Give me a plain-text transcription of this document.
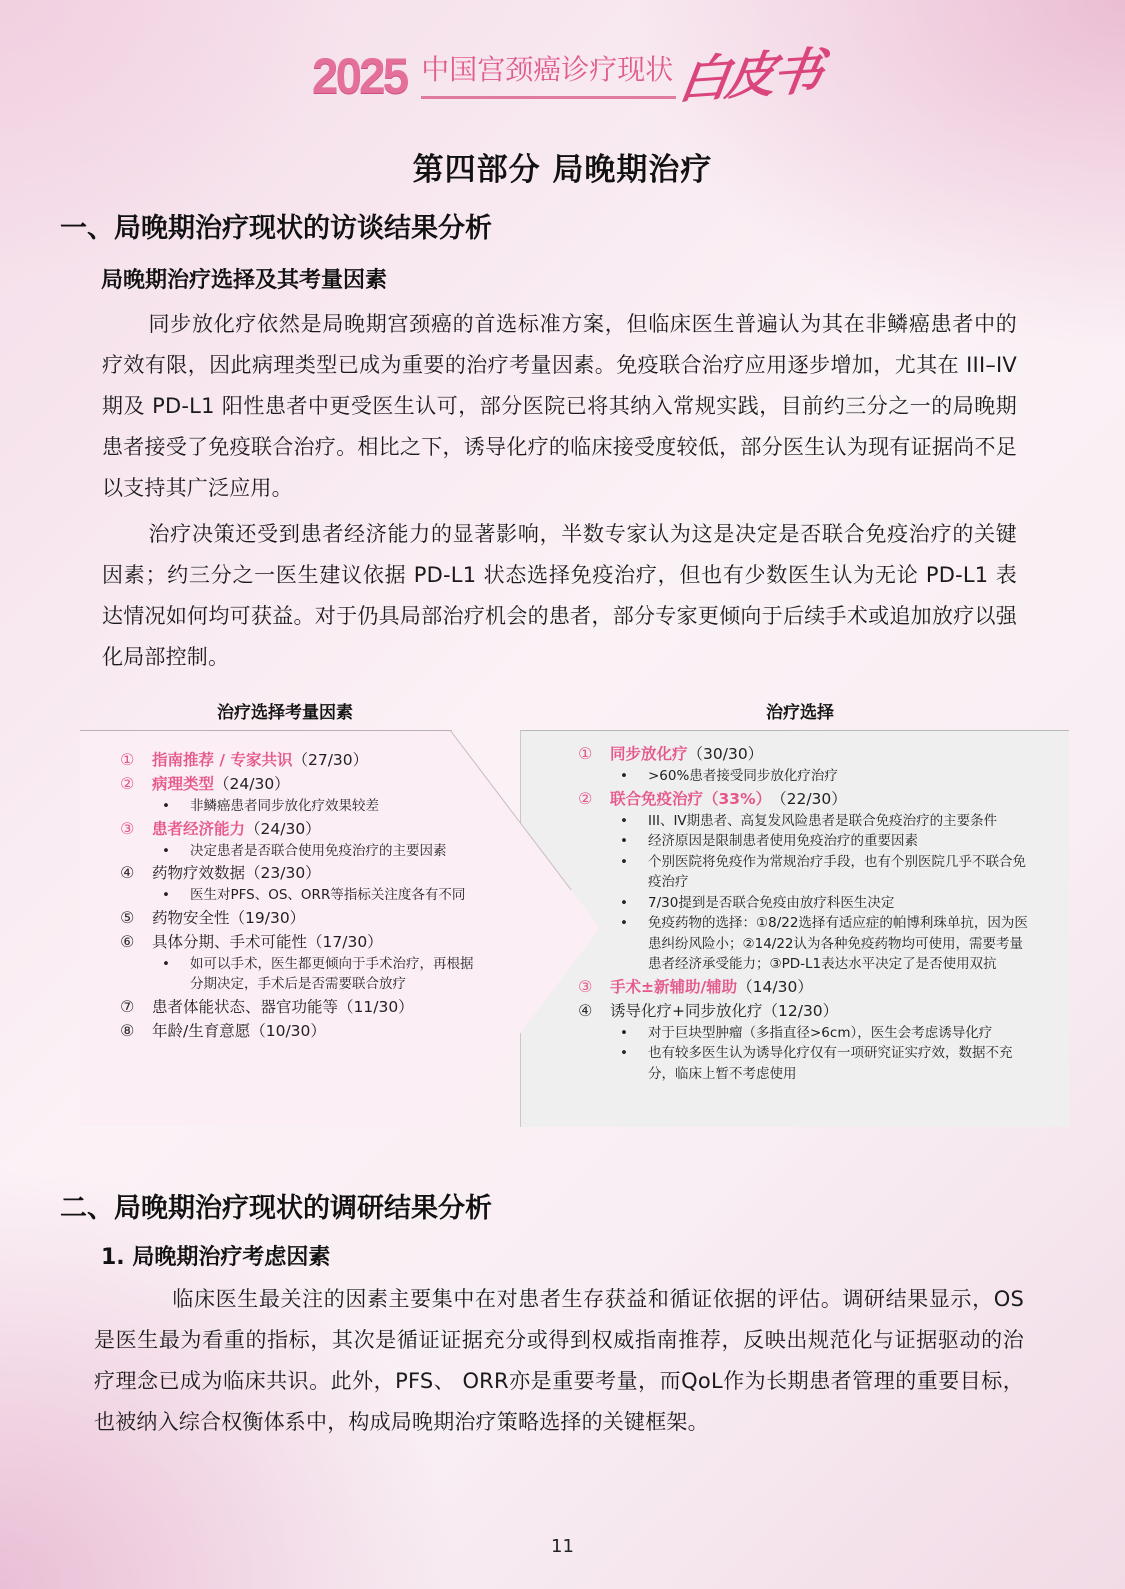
2025 中国宫颈癌诊疗现状 白皮书
第四部分 局晚期治疗
一、局晚期治疗现状的访谈结果分析
局晚期治疗选择及其考量因素
同步放化疗依然是局晚期宫颈癌的首选标准方案，但临床医生普遍认为其在非鳞癌患者中的疗效有限，因此病理类型已成为重要的治疗考量因素。免疫联合治疗应用逐步增加，尤其在 III–IV 期及 PD-L1 阳性患者中更受医生认可，部分医院已将其纳入常规实践，目前约三分之一的局晚期患者接受了免疫联合治疗。相比之下，诱导化疗的临床接受度较低，部分医生认为现有证据尚不足以支持其广泛应用。
治疗决策还受到患者经济能力的显著影响，半数专家认为这是决定是否联合免疫治疗的关键因素；约三分之一医生建议依据 PD-L1 状态选择免疫治疗，但也有少数医生认为无论 PD-L1 表达情况如何均可获益。对于仍具局部治疗机会的患者，部分专家更倾向于后续手术或追加放疗以强化局部控制。
治疗选择考量因素	治疗选择
①	指南推荐 / 专家共识 （27/30）
②	病理类型 （24/30）
•	非鳞癌患者同步放化疗效果较差
③	患者经济能力 （24/30）
•	决定患者是否联合使用免疫治疗的主要因素
④	药物疗效数据 （23/30）
•	医生对PFS、OS、ORR等指标关注度各有不同
⑤	药物安全性 （19/30）
⑥	具体分期、手术可能性 （17/30）
•	如可以手术，医生都更倾向于手术治疗，再根据分期决定，手术后是否需要联合放疗
⑦	患者体能状态、器官功能等 （11/30）
⑧	年龄/生育意愿 （10/30）
①	同步放化疗 （30/30）
•	>60%患者接受同步放化疗治疗
②	联合免疫治疗（33%） （22/30）
•	III、IV期患者、高复发风险患者是联合免疫治疗的主要条件
•	经济原因是限制患者使用免疫治疗的重要因素
•	个别医院将免疫作为常规治疗手段，也有个别医院几乎不联合免疫治疗
•	7/30提到是否联合免疫由放疗科医生决定
•	免疫药物的选择：①8/22选择有适应症的帕博利珠单抗，因为医患纠纷风险小；②14/22认为各种免疫药物均可使用，需要考量患者经济承受能力；③PD-L1表达水平决定了是否使用双抗
③	手术±新辅助/辅助 （14/30）
④	诱导化疗+同步放化疗 （12/30）
•	对于巨块型肿瘤（多指直径>6cm），医生会考虑诱导化疗
•	也有较多医生认为诱导化疗仅有一项研究证实疗效，数据不充分，临床上暂不考虑使用
二、局晚期治疗现状的调研结果分析
1. 局晚期治疗考虑因素
临床医生最关注的因素主要集中在对患者生存获益和循证依据的评估。调研结果显示，OS是医生最为看重的指标，其次是循证证据充分或得到权威指南推荐，反映出规范化与证据驱动的治疗理念已成为临床共识。此外，PFS、 ORR亦是重要考量，而QoL作为长期患者管理的重要目标，也被纳入综合权衡体系中，构成局晚期治疗策略选择的关键框架。
11
